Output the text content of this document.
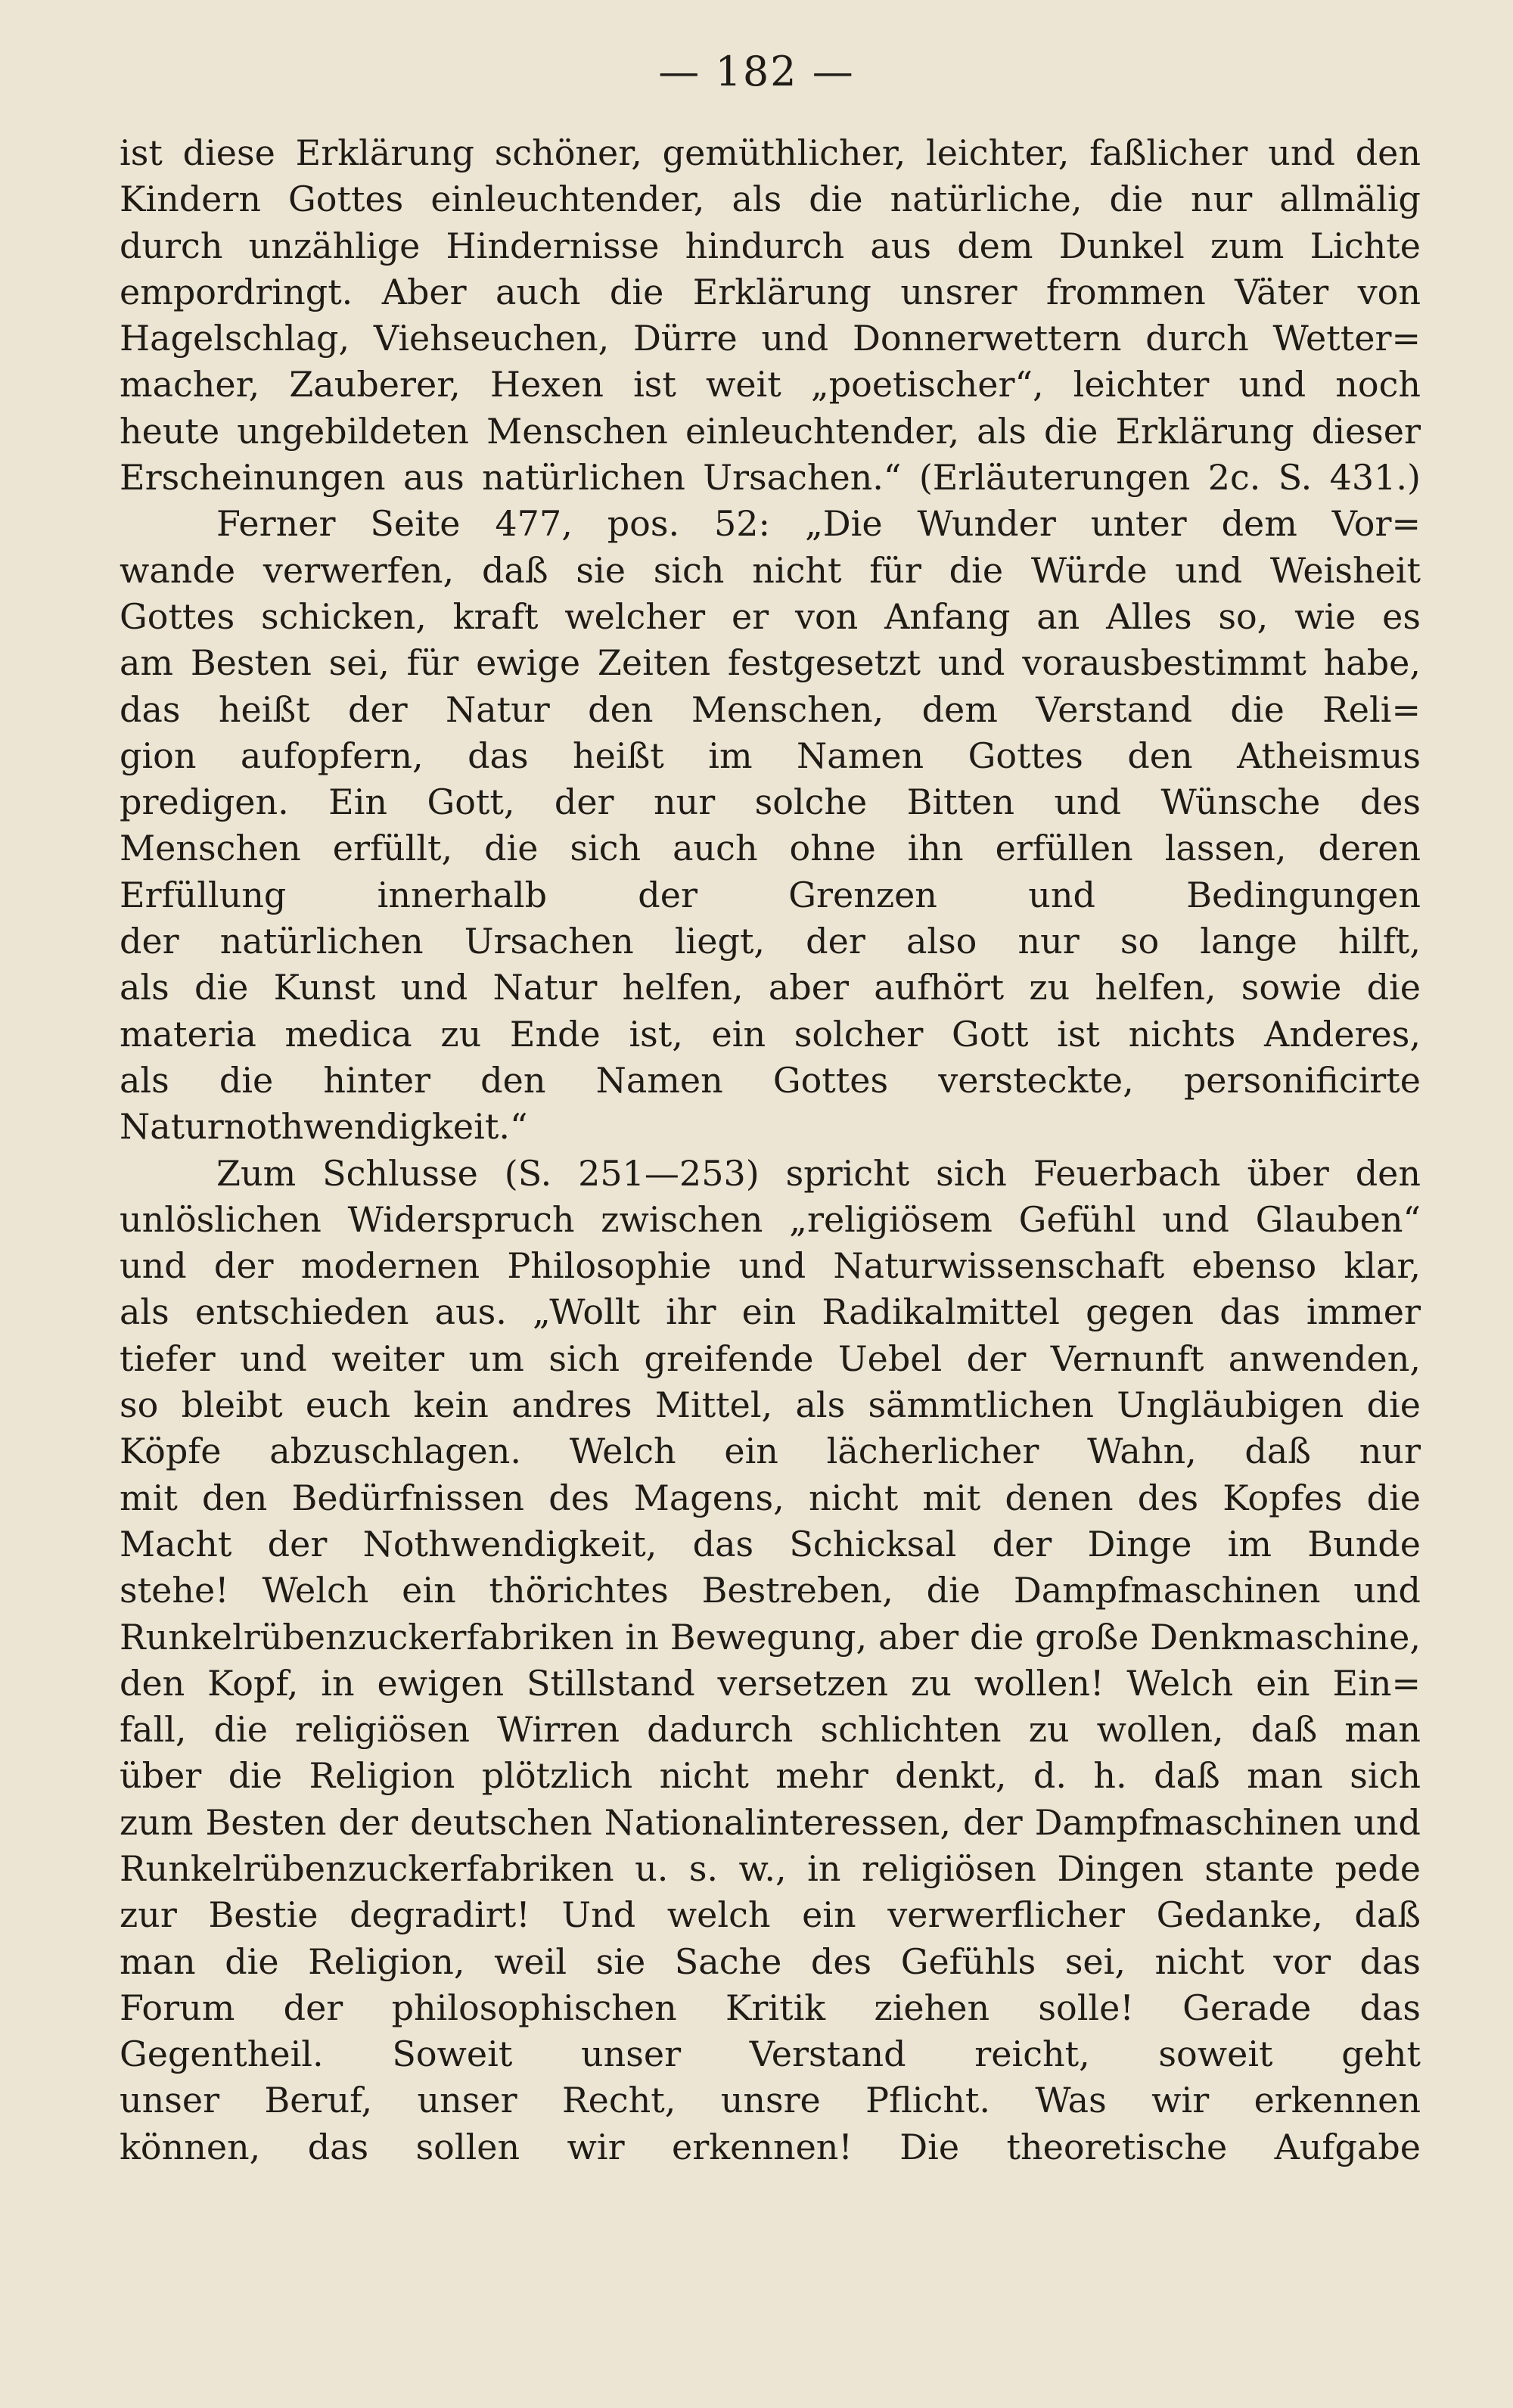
— 182 —
ist diese Erklärung schöner, gemüthlicher, leichter, faßlicher und den
Kindern Gottes einleuchtender, als die natürliche, die nur allmälig
durch unzählige Hindernisse hindurch aus dem Dunkel zum Lichte
empordringt. Aber auch die Erklärung unsrer frommen Väter von
Hagelschlag, Viehseuchen, Dürre und Donnerwettern durch Wetter=
macher, Zauberer, Hexen ist weit „poetischer“, leichter und noch
heute ungebildeten Menschen einleuchtender, als die Erklärung dieser
Erscheinungen aus natürlichen Ursachen.“ (Erläuterungen 2c. S. 431.)
Ferner Seite 477, pos. 52: „Die Wunder unter dem Vor=
wande verwerfen, daß sie sich nicht für die Würde und Weisheit
Gottes schicken, kraft welcher er von Anfang an Alles so, wie es
am Besten sei, für ewige Zeiten festgesetzt und vorausbestimmt habe,
das heißt der Natur den Menschen, dem Verstand die Reli=
gion aufopfern, das heißt im Namen Gottes den Atheismus
predigen. Ein Gott, der nur solche Bitten und Wünsche des
Menschen erfüllt, die sich auch ohne ihn erfüllen lassen, deren
Erfüllung innerhalb der Grenzen und Bedingungen
der natürlichen Ursachen liegt, der also nur so lange hilft,
als die Kunst und Natur helfen, aber aufhört zu helfen, sowie die
materia medica zu Ende ist, ein solcher Gott ist nichts Anderes,
als die hinter den Namen Gottes versteckte, personificirte
Naturnothwendigkeit.“
Zum Schlusse (S. 251—253) spricht sich Feuerbach über den
unlöslichen Widerspruch zwischen „religiösem Gefühl und Glauben“
und der modernen Philosophie und Naturwissenschaft ebenso klar,
als entschieden aus. „Wollt ihr ein Radikalmittel gegen das immer
tiefer und weiter um sich greifende Uebel der Vernunft anwenden,
so bleibt euch kein andres Mittel, als sämmtlichen Ungläubigen die
Köpfe abzuschlagen. Welch ein lächerlicher Wahn, daß nur
mit den Bedürfnissen des Magens, nicht mit denen des Kopfes die
Macht der Nothwendigkeit, das Schicksal der Dinge im Bunde
stehe! Welch ein thörichtes Bestreben, die Dampfmaschinen und
Runkelrübenzuckerfabriken in Bewegung, aber die große Denkmaschine,
den Kopf, in ewigen Stillstand versetzen zu wollen! Welch ein Ein=
fall, die religiösen Wirren dadurch schlichten zu wollen, daß man
über die Religion plötzlich nicht mehr denkt, d. h. daß man sich
zum Besten der deutschen Nationalinteressen, der Dampfmaschinen und
Runkelrübenzuckerfabriken u. s. w., in religiösen Dingen stante pede
zur Bestie degradirt! Und welch ein verwerflicher Gedanke, daß
man die Religion, weil sie Sache des Gefühls sei, nicht vor das
Forum der philosophischen Kritik ziehen solle! Gerade das
Gegentheil. Soweit unser Verstand reicht, soweit geht
unser Beruf, unser Recht, unsre Pflicht. Was wir erkennen
können, das sollen wir erkennen! Die theoretische Aufgabe
